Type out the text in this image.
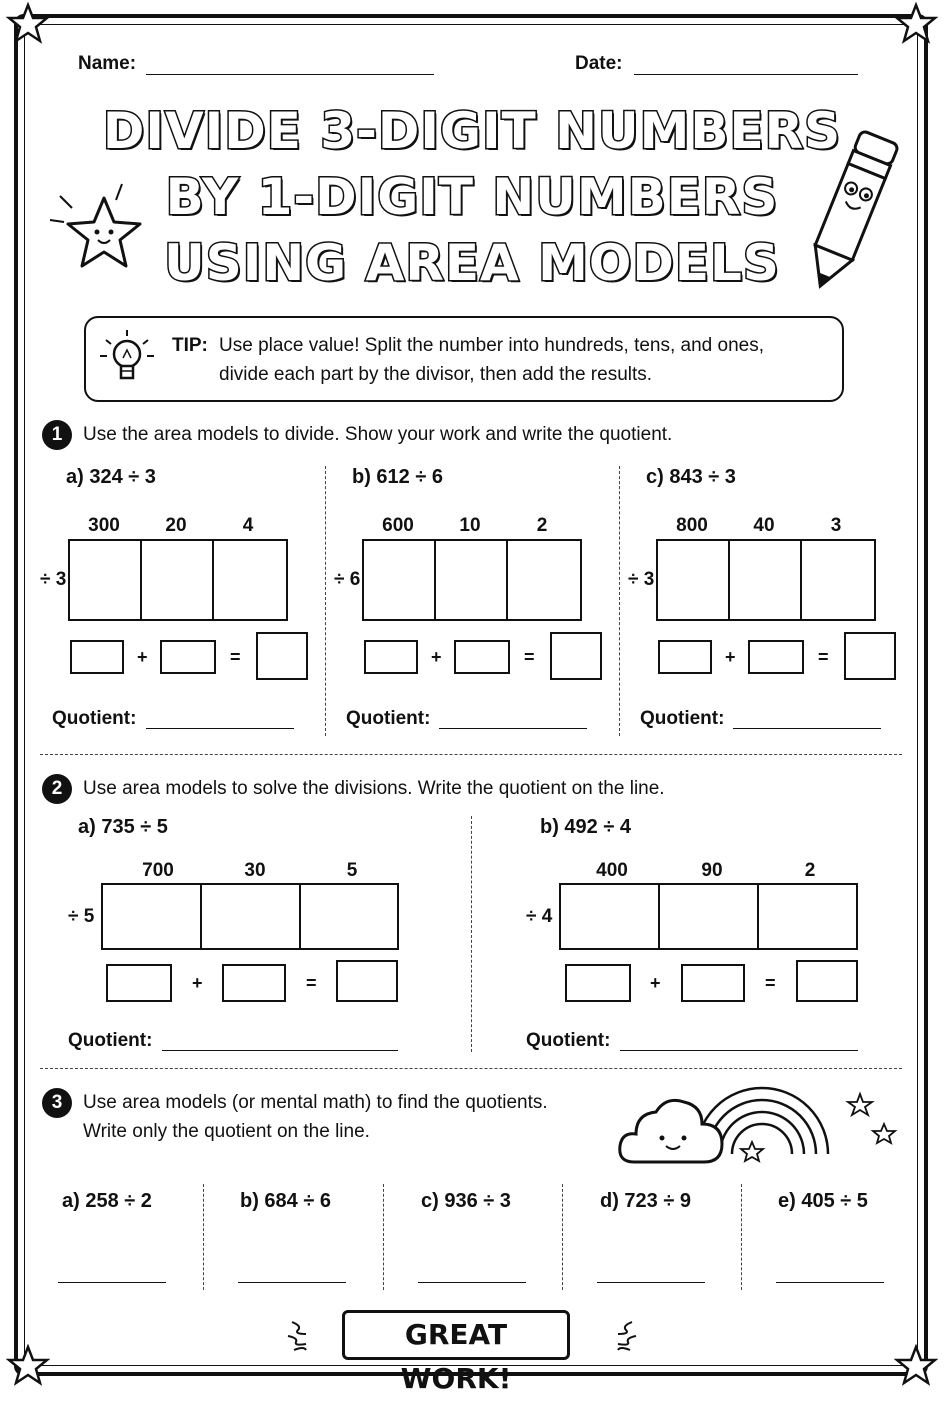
Name:	Date:
DIVIDE 3-DIGIT NUMBERS
BY 1-DIGIT NUMBERS
USING AREA MODELS
TIP: Use place value! Split the number into hundreds, tens, and ones,
divide each part by the divisor, then add the results.
1	Use the area models to divide. Show your work and write the quotient.
a) 324 ÷ 3
300	20	4
÷ 3
+	=
Quotient:
b) 612 ÷ 6
600	10	2
÷ 6
+	=
Quotient:
c) 843 ÷ 3
800	40	3
÷ 3
+	=
Quotient:
2	Use area models to solve the divisions. Write the quotient on the line.
a) 735 ÷ 5
700	30	5
÷ 5
+	=
Quotient:
b) 492 ÷ 4
400	90	2
÷ 4
+	=
Quotient:
3	Use area models (or mental math) to find the quotients.
Write only the quotient on the line.
a) 258 ÷ 2	b) 684 ÷ 6	c) 936 ÷ 3	d) 723 ÷ 9	e) 405 ÷ 5
GREAT WORK!
